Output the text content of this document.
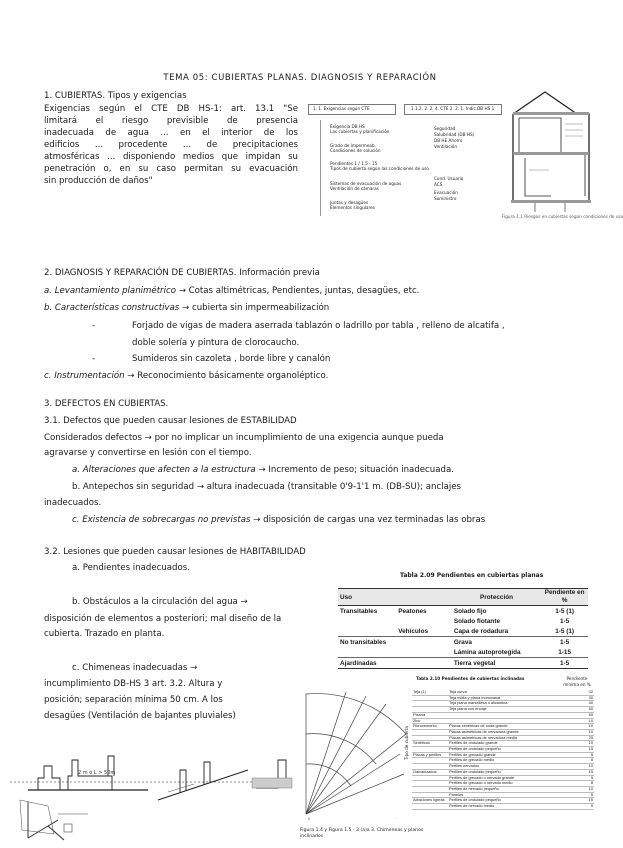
TEMA 05: CUBIERTAS PLANAS. DIAGNOSIS Y REPARACIÓN
1. CUBIERTAS. Tipos y exigencias
Exigencias según el CTE DB HS-1: art. 13.1 "Se
limitará el riesgo previsible de presencia
inadecuada de agua ... en el interior de los
edificios ... procedente ... de precipitaciones
atmosféricas ... disponiendo medios que impidan su
penetración o, en su caso permitan su evacuación
sin producción de daños"
1. 1. Exigencias según CTE	1.1.2. 2. 2. 4. CTE 2. 2. 1. Indic.DB HS 1
Exigencia DB HS
Las cubiertas y planificación
Grado de impermeab.
Condiciones de solución
Pendientes 1 / 1.5 - 15
Tipos de cubierta según las condiciones de uso
Sistemas de evacuación de aguas
Ventilación de cámaras
Juntas y desagües
Elementos singulares
Seguridad
Salubridad (DB HS)
DB HE Ahorro
Ventilación
Cond. Usuario
ACS
Evacuación
Suministro
Figura 1.1 Riesgos en cubiertas según condiciones de uso
2. DIAGNOSIS Y REPARACIÓN DE CUBIERTAS. Información previa
a. Levantamiento planimétrico → Cotas altimétricas, Pendientes, juntas, desagües, etc.
b. Características constructivas → cubierta sin impermeabilización
-	Forjado de vigas de madera aserrada tablazón o ladrillo por tabla , relleno de alcatifa ,
doble solería y pintura de clorocaucho.
-	Sumideros sin cazoleta , borde libre y canalón
c. Instrumentación → Reconocimiento básicamente organoléptico.
3. DEFECTOS EN CUBIERTAS.
3.1. Defectos que pueden causar lesiones de ESTABILIDAD
Considerados defectos → por no implicar un incumplimiento de una exigencia aunque pueda
agravarse y convertirse en lesión con el tiempo.
a. Alteraciones que afecten a la estructura → Incremento de peso; situación inadecuada.
b. Antepechos sin seguridad → altura inadecuada (transitable 0'9-1'1 m. (DB-SU); anclajes
inadecuados.
c. Existencia de sobrecargas no previstas → disposición de cargas una vez terminadas las obras
3.2. Lesiones que pueden causar lesiones de HABITABILIDAD
a. Pendientes inadecuados.
b. Obstáculos a la circulación del agua →
disposición de elementos a posteriori; mal diseño de la
cubierta. Trazado en planta.
c. Chimeneas inadecuadas →
incumplimiento DB-HS 3 art. 3.2. Altura y
posición; separación mínima 50 cm. A los
desagües (Ventilación de bajantes pluviales)
Tabla 2.09 Pendientes en cubiertas planas
Uso		Protección	Pendiente en %
Transitables	Peatones	Solado fijo	1-5 (1)
		Solado flotante	1-5
	Vehículos	Capa de rodadura	1-5 (1)
No transitables		Grava	1-5
		Lámina autoprotegida	1-15
Ajardinadas		Tierra vegetal	1-5
0	·
Tabla 2.10 Pendientes de cubiertas inclinadas	Pendiente mínima en %
Tipo de cubierta
Teja (1)	Teja curva	32
	Teja mixta y plana monocanal	30
	Teja plana marsellesa o alicantina	40
	Teja plana con encaje	50
Pizarra		60
Zinc		10
Fibrocemento	Placas simétricas de onda grande	10
	Placas asimétricas de nervadura grande	10
	Placas asimétricas de nervadura media	25
Sintéticos	Perfiles de ondulado grande	10
	Perfiles de ondulado pequeño	15
Placas y perfiles	Perfiles de grecado grande	5
	Perfiles de grecado medio	8
	Perfiles nervados	10
Galvanizados	Perfiles de ondulado pequeño	15
	Perfiles de grecado o nervado grande	5
	Perfiles de grecado o nervado medio	8
	Perfiles de nervado pequeño	10
	Paneles	5
Aleaciones ligeras	Perfiles de ondulado pequeño	15
	Perfiles de nervado medio	5
2 m o L > 50m
Figura 1.4 y Figura 1.5 - 3 (a)a 3. Chimeneas y planos
inclinados
